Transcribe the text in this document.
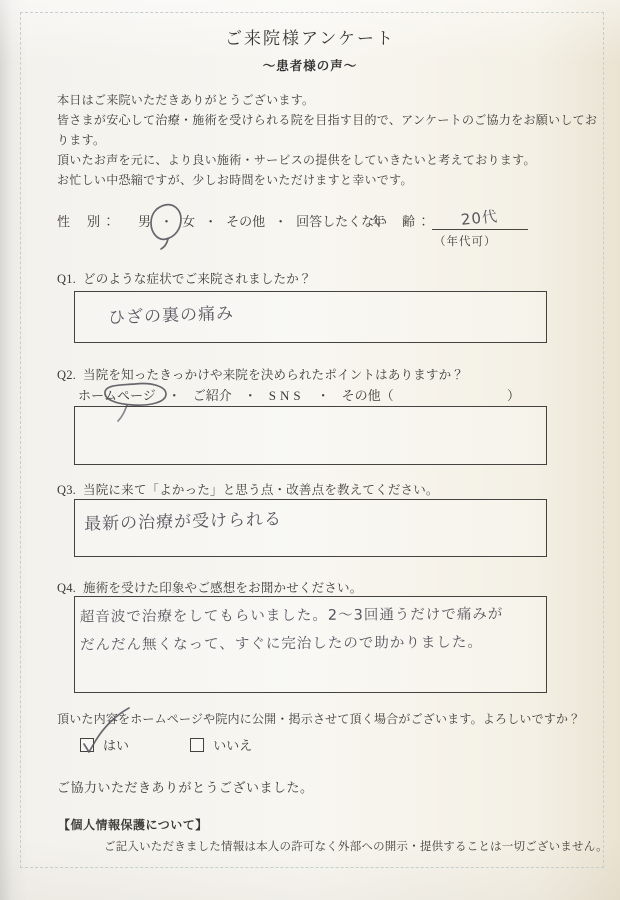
ご来院様アンケート
～患者様の声～
本日はご来院いただきありがとうございます。
皆さまが安心して治療・施術を受けられる院を目指す目的で、アンケートのご協力をお願いしてお
ります。
頂いたお声を元に、より良い施術・サービスの提供をしていきたいと考えております。
お忙しい中恐縮ですが、少しお時間をいただけますと幸いです。
性　別： 男 ・ 女 ・ その他 ・ 回答したくない
年　齢： 20代
（年代可）
Q1. どのような症状でご来院されましたか？
ひざの裏の痛み
Q2. 当院を知ったきっかけや来院を決められたポイントはありますか？
ホームページ ・ ご紹介 ・ SNS ・ その他（	）
Q3. 当院に来て「よかった」と思う点・改善点を教えてください。
最新の治療が受けられる
Q4. 施術を受けた印象やご感想をお聞かせください。
超音波で治療をしてもらいました。2～3回通うだけで痛みが
だんだん無くなって、すぐに完治したので助かりました。
頂いた内容をホームページや院内に公開・掲示させて頂く場合がございます。よろしいですか？
はい	いいえ
ご協力いただきありがとうございました。
【個人情報保護について】
ご記入いただきました情報は本人の許可なく外部への開示・提供することは一切ございません。
